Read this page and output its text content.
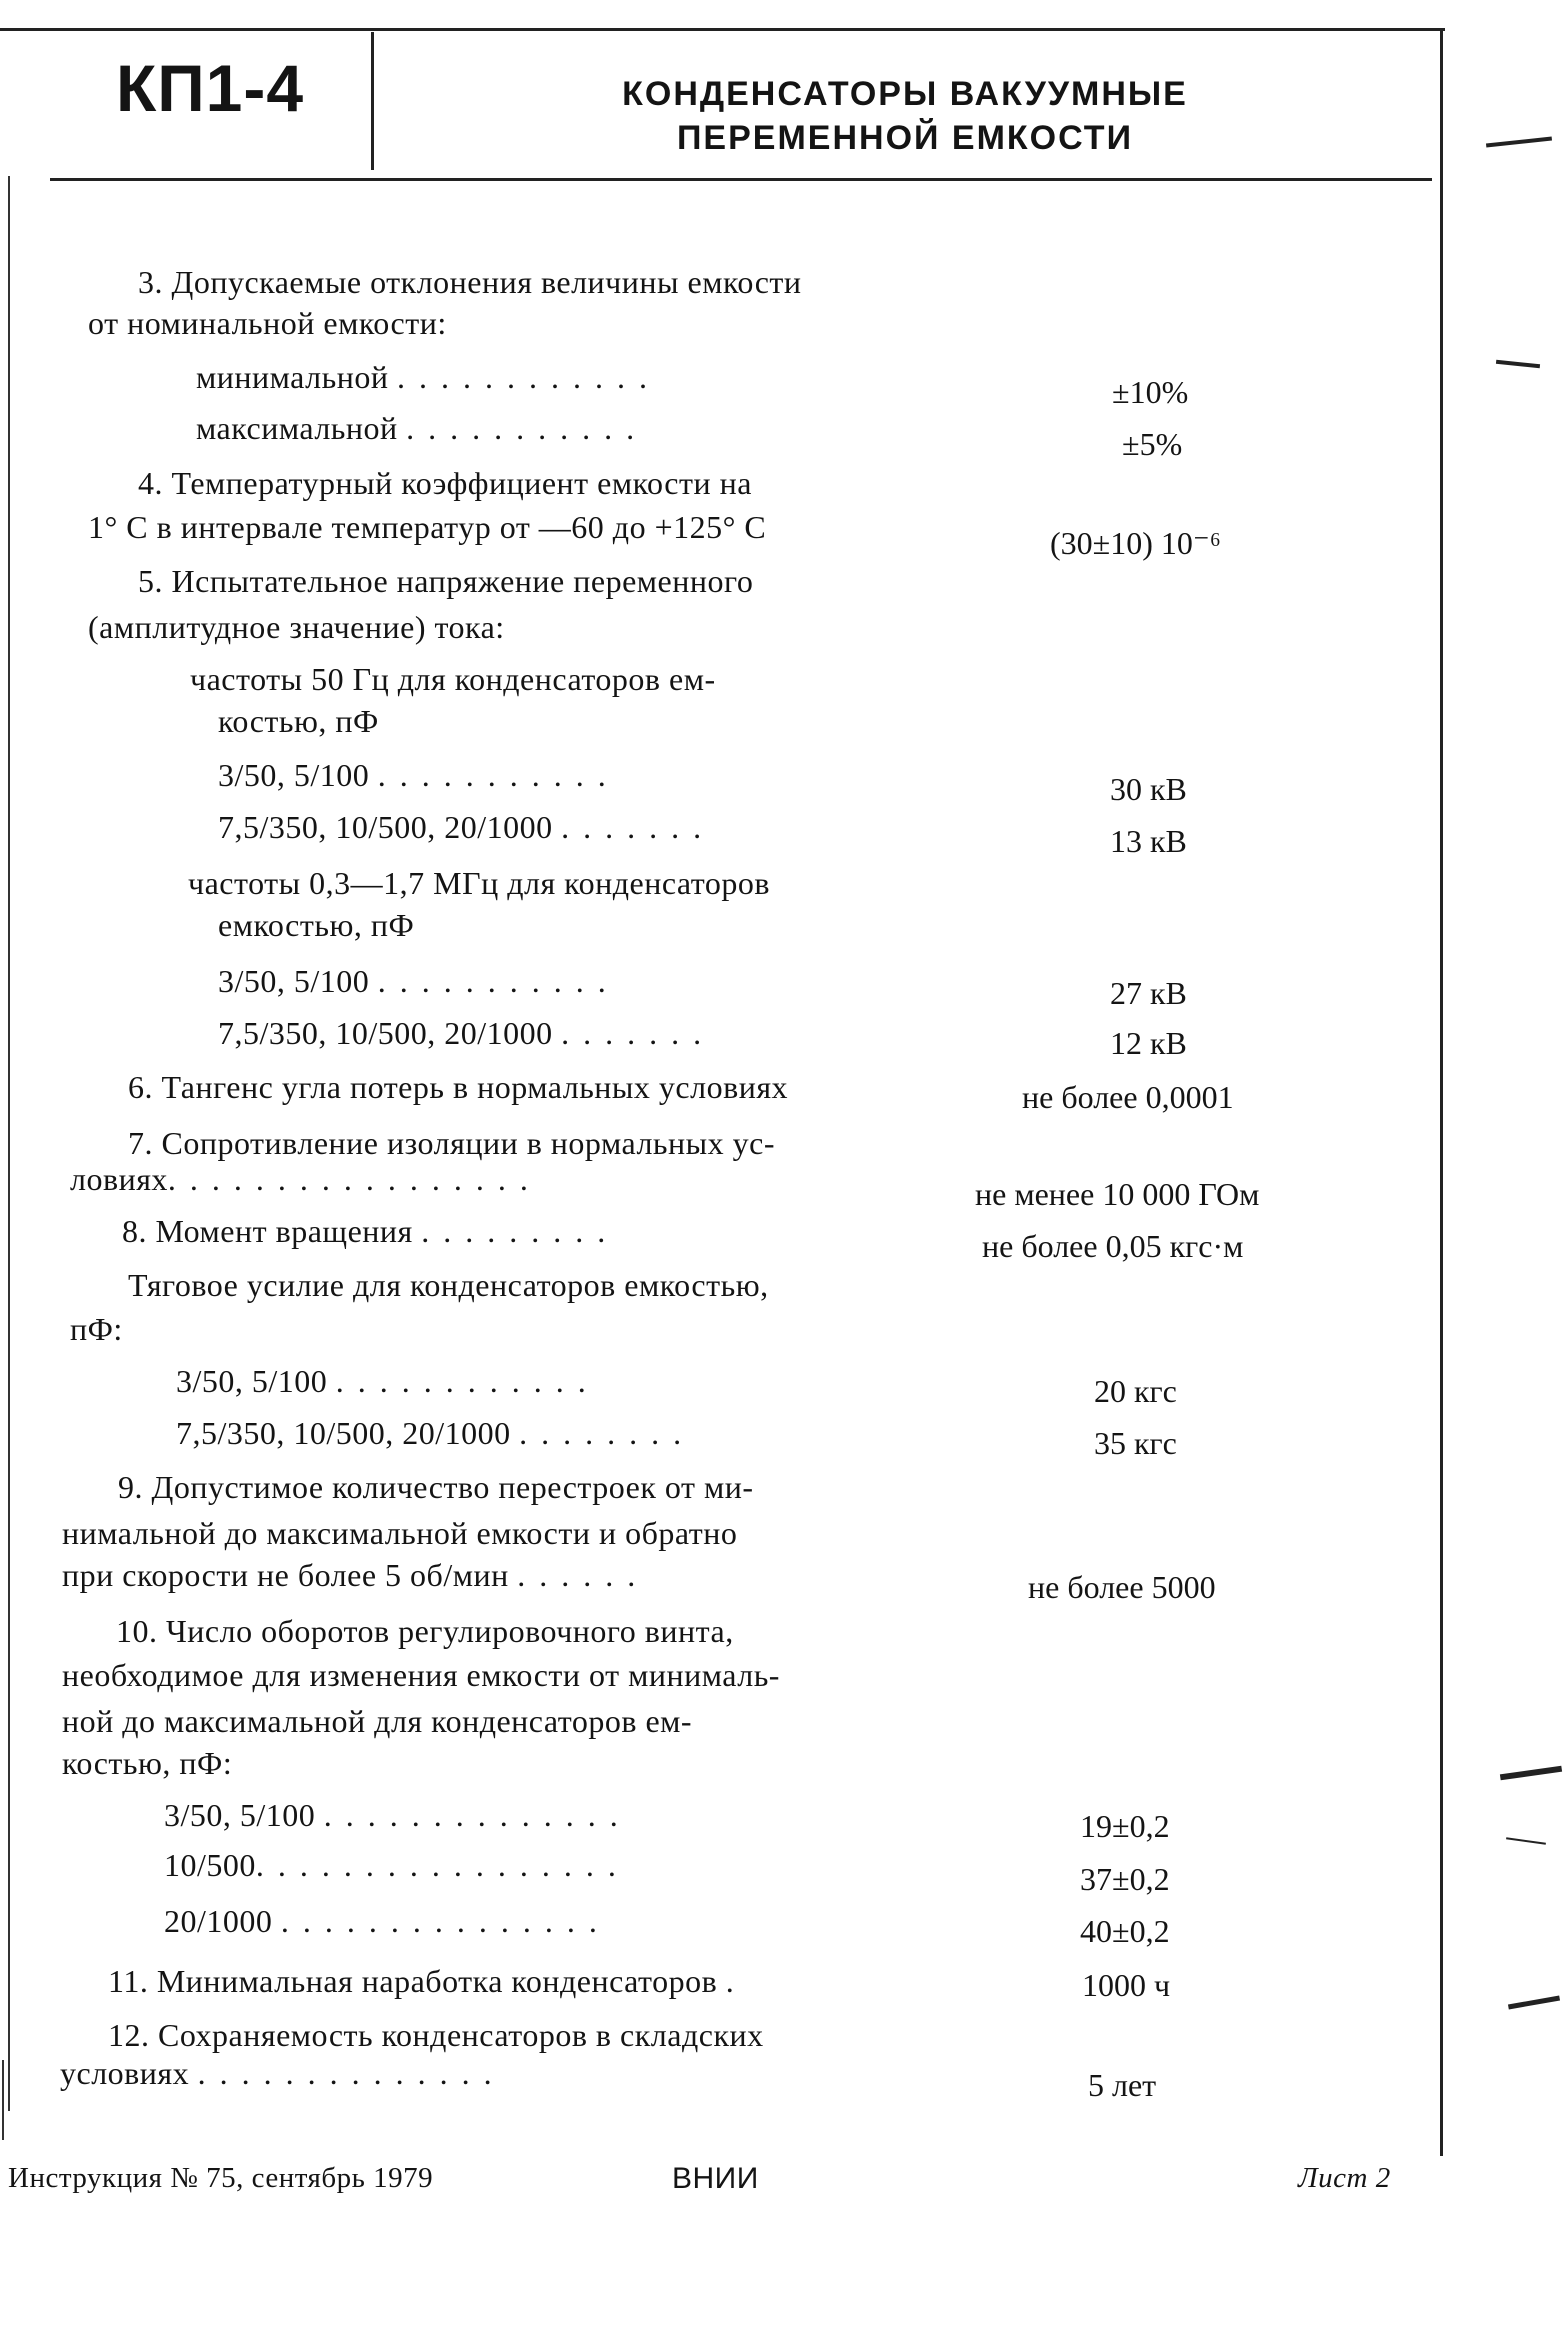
КП1-4	КОНДЕНСАТОРЫ ВАКУУМНЫЕ
ПЕРЕМЕННОЙ ЕМКОСТИ
3. Допускаемые отклонения величины емкости
от номинальной емкости:
минимальной ............	±10%
максимальной ...........	±5%
4. Температурный коэффициент емкости на
1° С в интервале температур от —60 до +125° С	(30±10) 10⁻⁶
5. Испытательное напряжение переменного
(амплитудное значение) тока:
частоты 50 Гц для конденсаторов ем-
костью, пФ
3/50, 5/100 ...........	30 кВ
7,5/350, 10/500, 20/1000 .......	13 кВ
частоты 0,3—1,7 МГц для конденсаторов
емкостью, пФ
3/50, 5/100 ...........	27 кВ
7,5/350, 10/500, 20/1000 .......	12 кВ
6. Тангенс угла потерь в нормальных условиях	не более 0,0001
7. Сопротивление изоляции в нормальных ус-
ловиях.................	не менее 10 000 ГОм
8. Момент вращения .........	не более 0,05 кгс·м
Тяговое усилие для конденсаторов емкостью,
пФ:
3/50, 5/100 ............	20 кгс
7,5/350, 10/500, 20/1000 ........	35 кгс
9. Допустимое количество перестроек от ми-
нимальной до максимальной емкости и обратно
при скорости не более 5 об/мин ......	не более 5000
10. Число оборотов регулировочного винта,
необходимое для изменения емкости от минималь-
ной до максимальной для конденсаторов ем-
костью, пФ:
3/50, 5/100 ..............	19±0,2
10/500.................	37±0,2
20/1000 ...............	40±0,2
11. Минимальная наработка конденсаторов .	1000 ч
12. Сохраняемость конденсаторов в складских
условиях ..............	5 лет
Инструкция № 75, сентябрь 1979	ВНИИ	Лист 2
